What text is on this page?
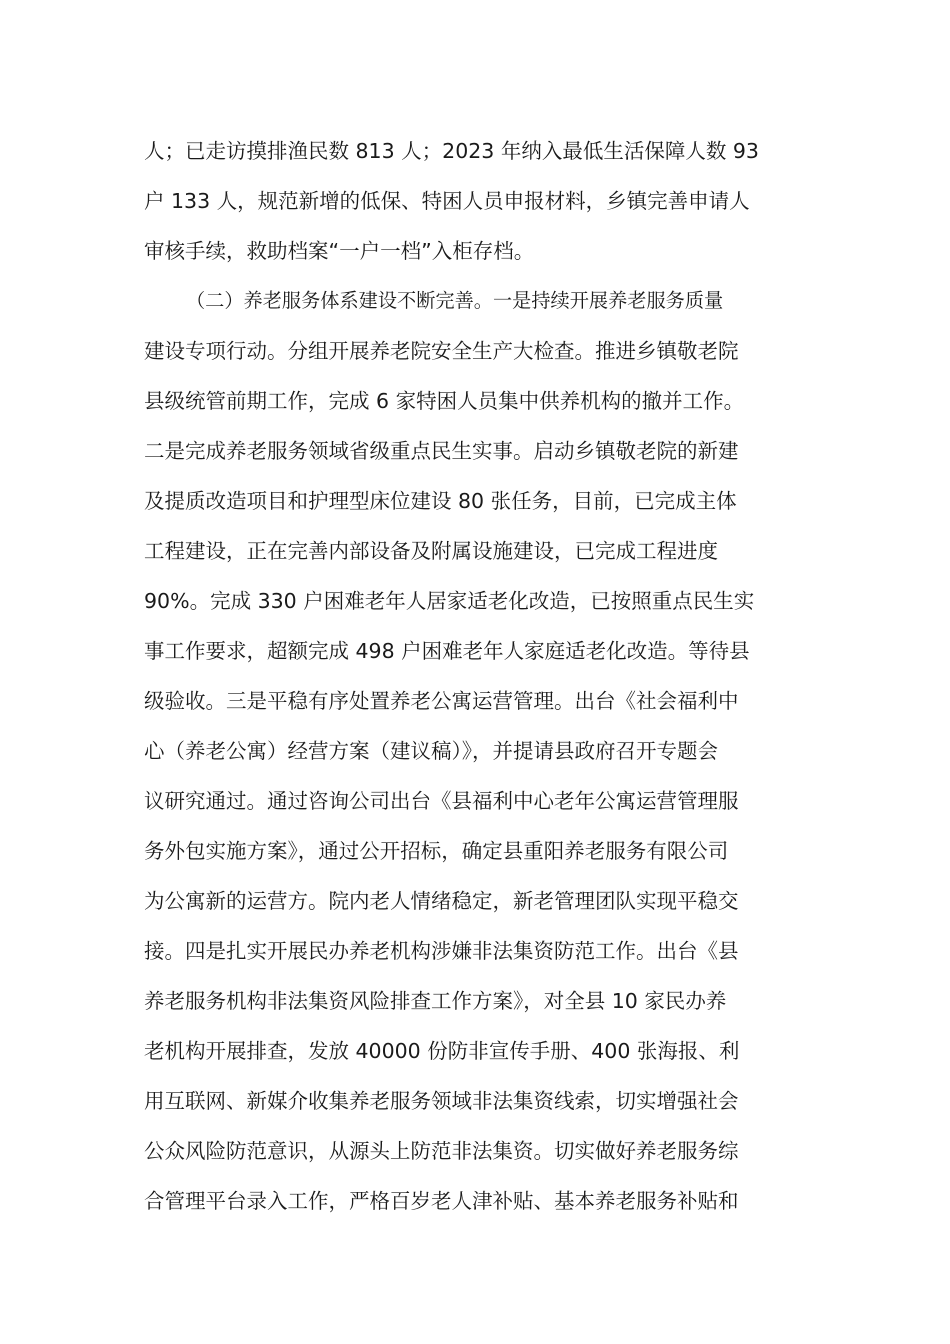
人；已走访摸排渔民数 813 人；2023 年纳入最低生活保障人数 93
户 133 人，规范新增的低保、特困人员申报材料，乡镇完善申请人
审核手续，救助档案“一户一档”入柜存档。
（二）养老服务体系建设不断完善。一是持续开展养老服务质量
建设专项行动。分组开展养老院安全生产大检查。推进乡镇敬老院
县级统管前期工作，完成 6 家特困人员集中供养机构的撤并工作。
二是完成养老服务领域省级重点民生实事。启动乡镇敬老院的新建
及提质改造项目和护理型床位建设 80 张任务，目前，已完成主体
工程建设，正在完善内部设备及附属设施建设，已完成工程进度
90%。完成 330 户困难老年人居家适老化改造，已按照重点民生实
事工作要求，超额完成 498 户困难老年人家庭适老化改造。等待县
级验收。三是平稳有序处置养老公寓运营管理。出台《社会福利中
心（养老公寓）经营方案（建议稿）》，并提请县政府召开专题会
议研究通过。通过咨询公司出台《县福利中心老年公寓运营管理服
务外包实施方案》，通过公开招标，确定县重阳养老服务有限公司
为公寓新的运营方。院内老人情绪稳定，新老管理团队实现平稳交
接。四是扎实开展民办养老机构涉嫌非法集资防范工作。出台《县
养老服务机构非法集资风险排查工作方案》，对全县 10 家民办养
老机构开展排查，发放 40000 份防非宣传手册、400 张海报、利
用互联网、新媒介收集养老服务领域非法集资线索，切实增强社会
公众风险防范意识，从源头上防范非法集资。切实做好养老服务综
合管理平台录入工作，严格百岁老人津补贴、基本养老服务补贴和
